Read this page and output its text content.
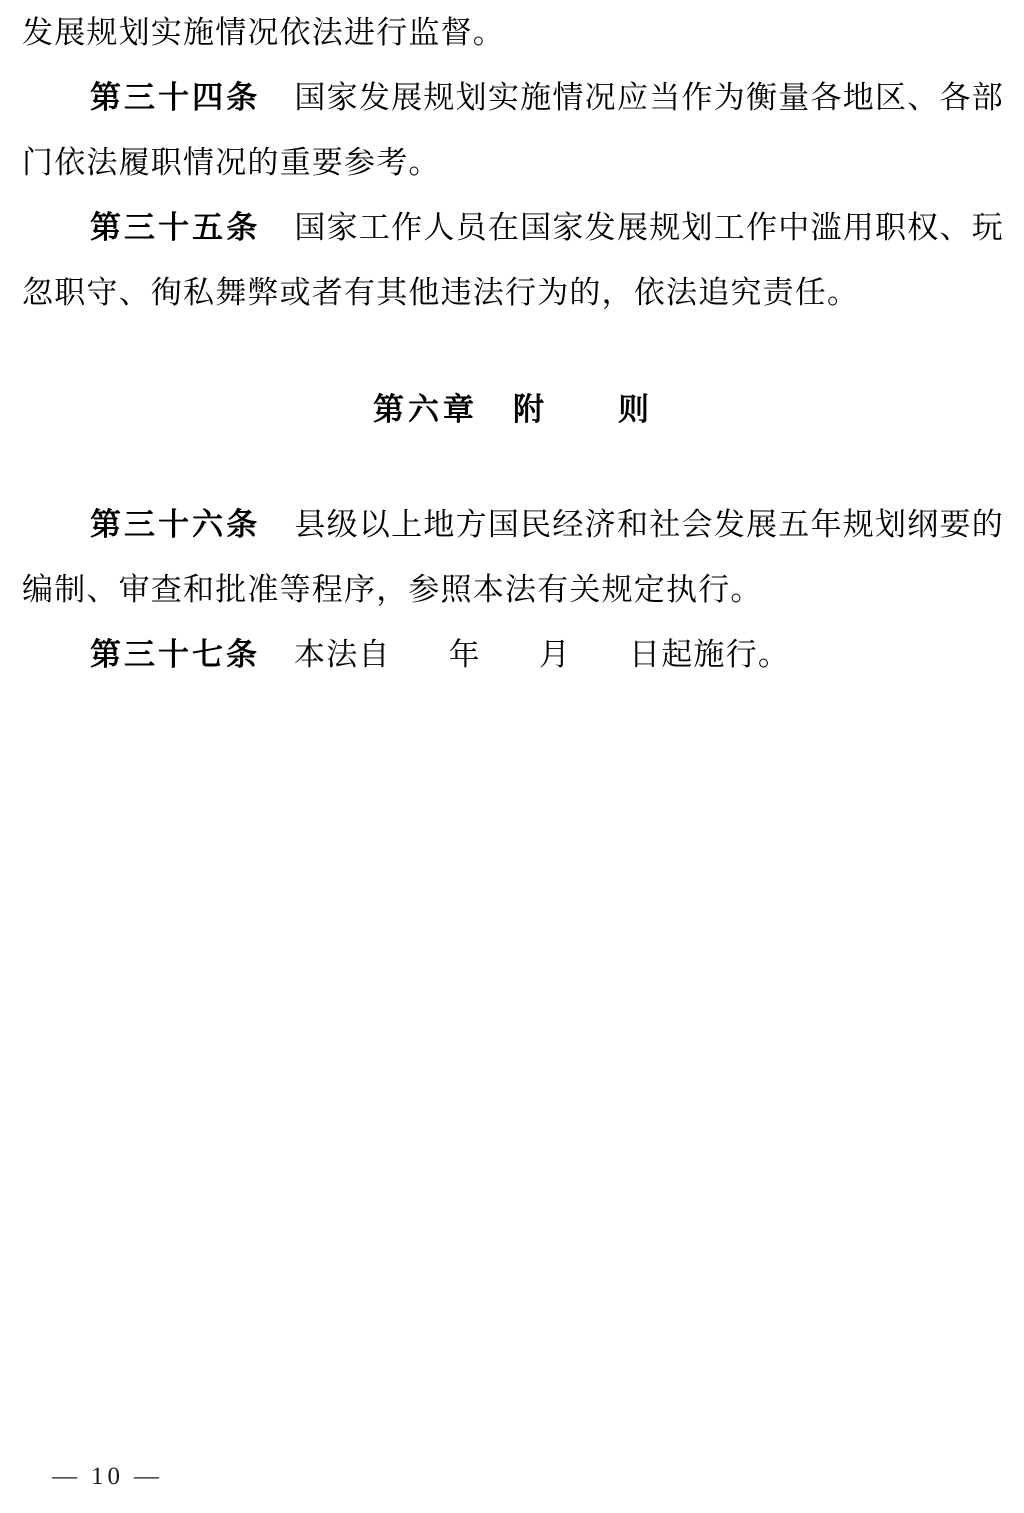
发展规划实施情况依法进行监督。

第三十四条 国家发展规划实施情况应当作为衡量各地区、各部门依法履职情况的重要参考。

第三十五条 国家工作人员在国家发展规划工作中滥用职权、玩忽职守、徇私舞弊或者有其他违法行为的，依法追究责任。

第六章　附　　则

第三十六条 县级以上地方国民经济和社会发展五年规划纲要的编制、审查和批准等程序，参照本法有关规定执行。

第三十七条 本法自 年 月 日起施行。

— 10 —
